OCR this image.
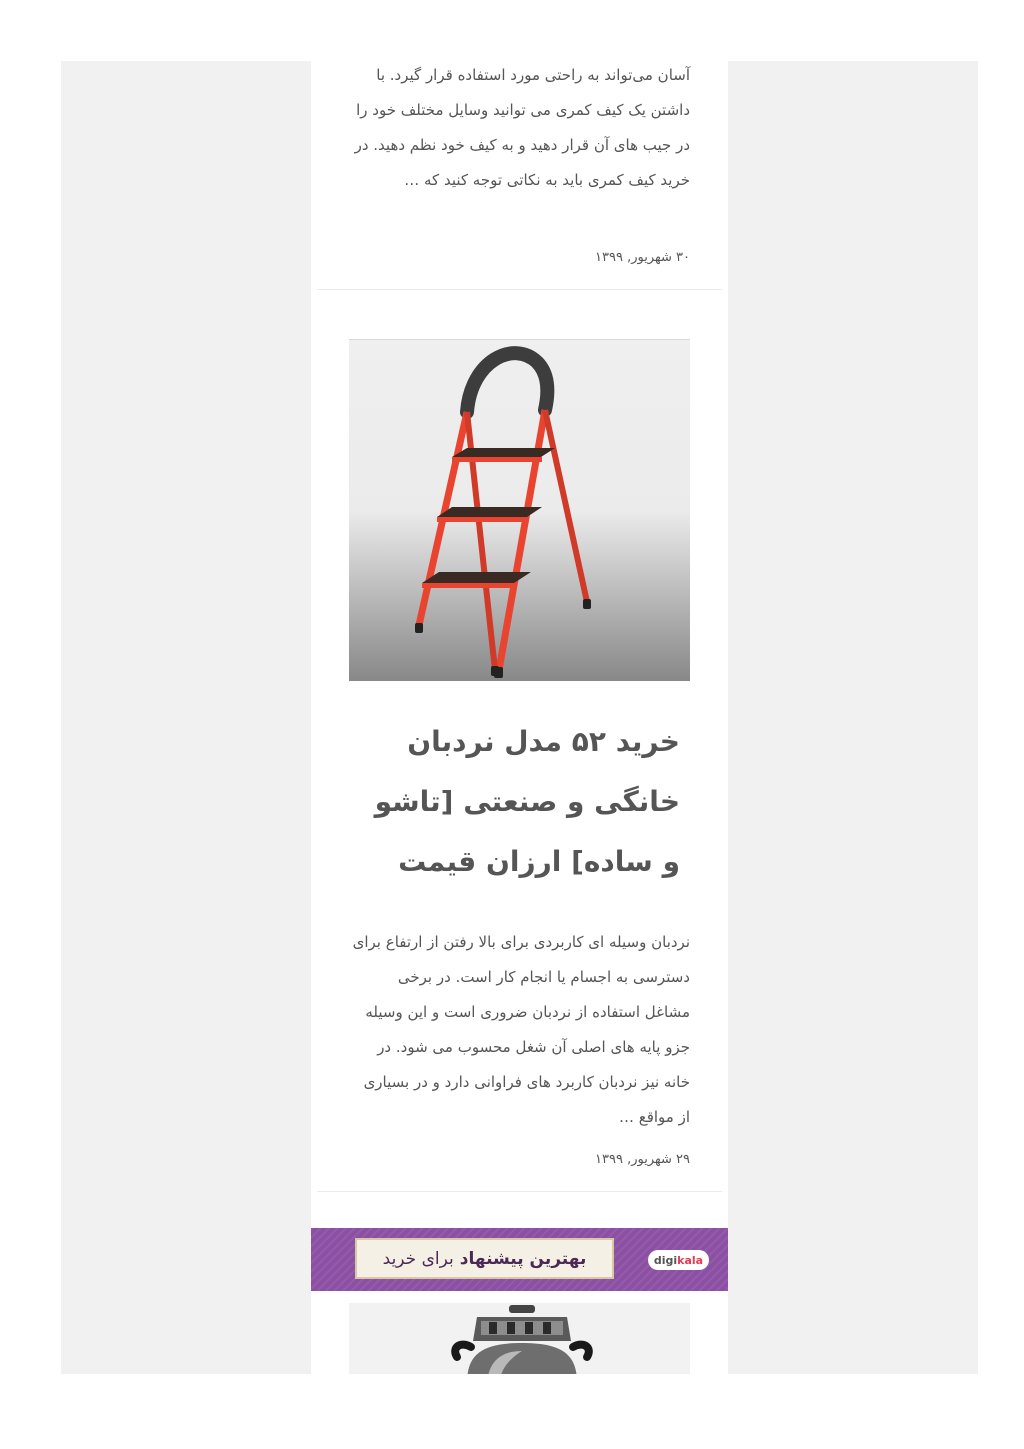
آسان می‌تواند به راحتی مورد استفاده قرار گیرد. با داشتن یک کیف کمری می توانید وسایل مختلف خود را در جیب های آن قرار دهید و به کیف خود نظم دهید. در خرید کیف کمری باید به نکاتی توجه کنید که …

۳۰ شهریور, ۱۳۹۹
خرید ۵۲ مدل نردبان خانگی و صنعتی [تاشو و ساده] ارزان قیمت

نردبان وسیله ای کاربردی برای بالا رفتن از ارتفاع برای دسترسی به اجسام یا انجام کار است. در برخی مشاغل استفاده از نردبان ضروری است و این وسیله جزو پایه های اصلی آن شغل محسوب می شود. در خانه نیز نردبان کاربرد های فراوانی دارد و در بسیاری از مواقع …

۲۹ شهریور, ۱۳۹۹
بهترین پیشنهاد
برای خرید	digi kala
